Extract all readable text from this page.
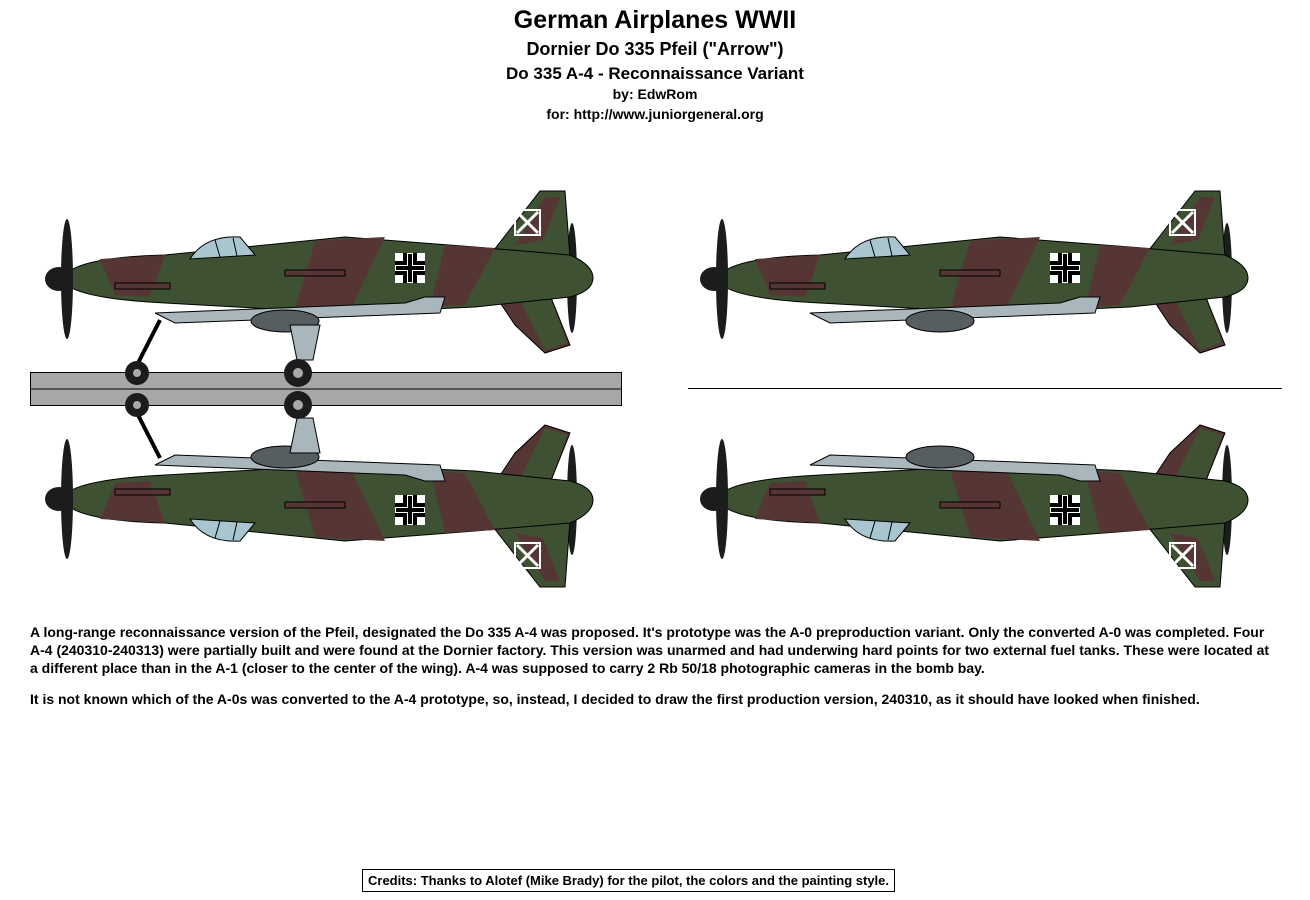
German Airplanes WWII
Dornier Do 335 Pfeil ("Arrow")
Do 335 A-4 - Reconnaissance Variant
by: EdwRom
for: http://www.juniorgeneral.org
A long-range reconnaissance version of the Pfeil, designated the Do 335 A-4 was proposed. It's prototype was the A-0 preproduction variant. Only the converted A-0 was completed. Four A-4 (240310-240313) were partially built and were found at the Dornier factory. This version was unarmed and had underwing hard points for two external fuel tanks. These were located at a different place than in the A-1 (closer to the center of the wing). A-4 was supposed to carry 2 Rb 50/18 photographic cameras in the bomb bay.
It is not known which of the A-0s was converted to the A-4 prototype, so, instead, I decided to draw the first production version, 240310, as it should have looked when finished.
Credits: Thanks to Alotef (Mike Brady) for the pilot, the colors and the painting style.
